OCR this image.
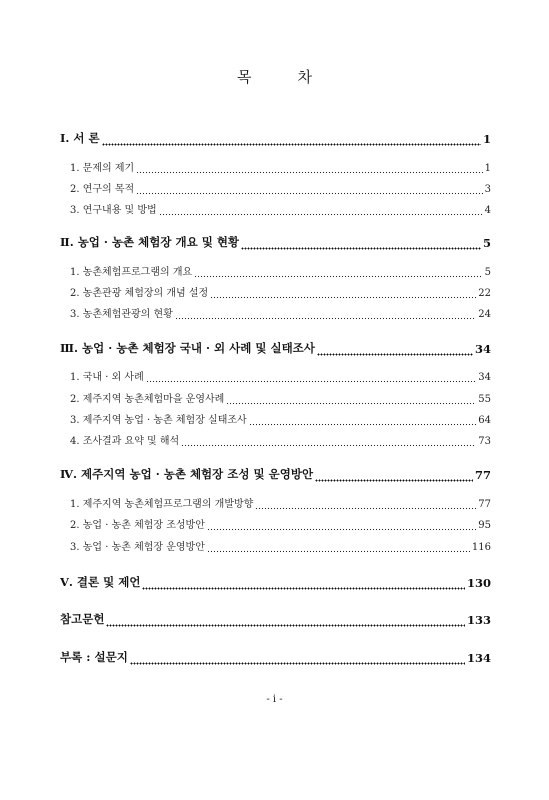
목	차
Ⅰ. 서 론	1
1. 문제의 제기	1
2. 연구의 목적	3
3. 연구내용 및 방법	4
Ⅱ. 농업 · 농촌 체험장 개요 및 현황	5
1. 농촌체험프로그램의 개요	5
2. 농촌관광 체험장의 개념 설정	22
3. 농촌체험관광의 현황	24
Ⅲ. 농업 · 농촌 체험장 국내 · 외 사례 및 실태조사	34
1. 국내 · 외 사례	34
2. 제주지역 농촌체험마을 운영사례	55
3. 제주지역 농업 · 농촌 체험장 실태조사	64
4. 조사결과 요약 및 해석	73
Ⅳ. 제주지역 농업 · 농촌 체험장 조성 및 운영방안	77
1. 제주지역 농촌체험프로그램의 개발방향	77
2. 농업 · 농촌 체험장 조성방안	95
3. 농업 · 농촌 체험장 운영방안	116
Ⅴ. 결론 및 제언	130
참고문헌	133
부록 : 설문지	134
- i -
